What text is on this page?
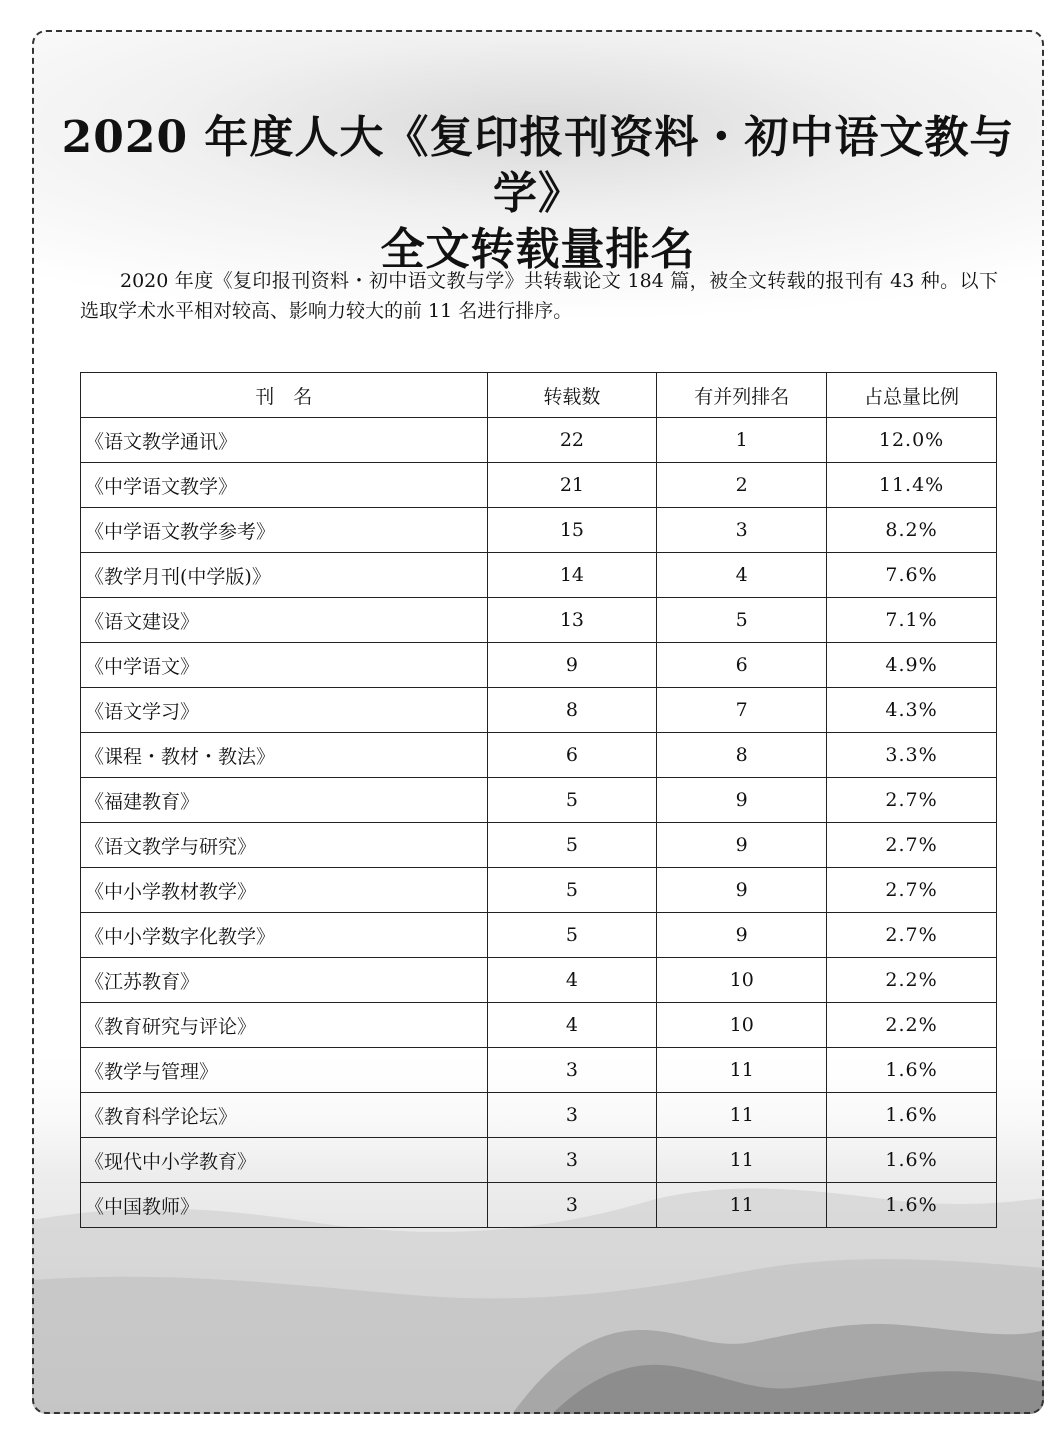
2020 年度人大《复印报刊资料・初中语文教与学》
全文转载量排名
2020 年度《复印报刊资料・初中语文教与学》共转载论文 184 篇，被全文转载的报刊有 43 种。以下选取学术水平相对较高、影响力较大的前 11 名进行排序。
刊　名	转载数	有并列排名	占总量比例
《语文教学通讯》	22	1	12.0%
《中学语文教学》	21	2	11.4%
《中学语文教学参考》	15	3	8.2%
《教学月刊(中学版)》	14	4	7.6%
《语文建设》	13	5	7.1%
《中学语文》	9	6	4.9%
《语文学习》	8	7	4.3%
《课程・教材・教法》	6	8	3.3%
《福建教育》	5	9	2.7%
《语文教学与研究》	5	9	2.7%
《中小学教材教学》	5	9	2.7%
《中小学数字化教学》	5	9	2.7%
《江苏教育》	4	10	2.2%
《教育研究与评论》	4	10	2.2%
《教学与管理》	3	11	1.6%
《教育科学论坛》	3	11	1.6%
《现代中小学教育》	3	11	1.6%
《中国教师》	3	11	1.6%
